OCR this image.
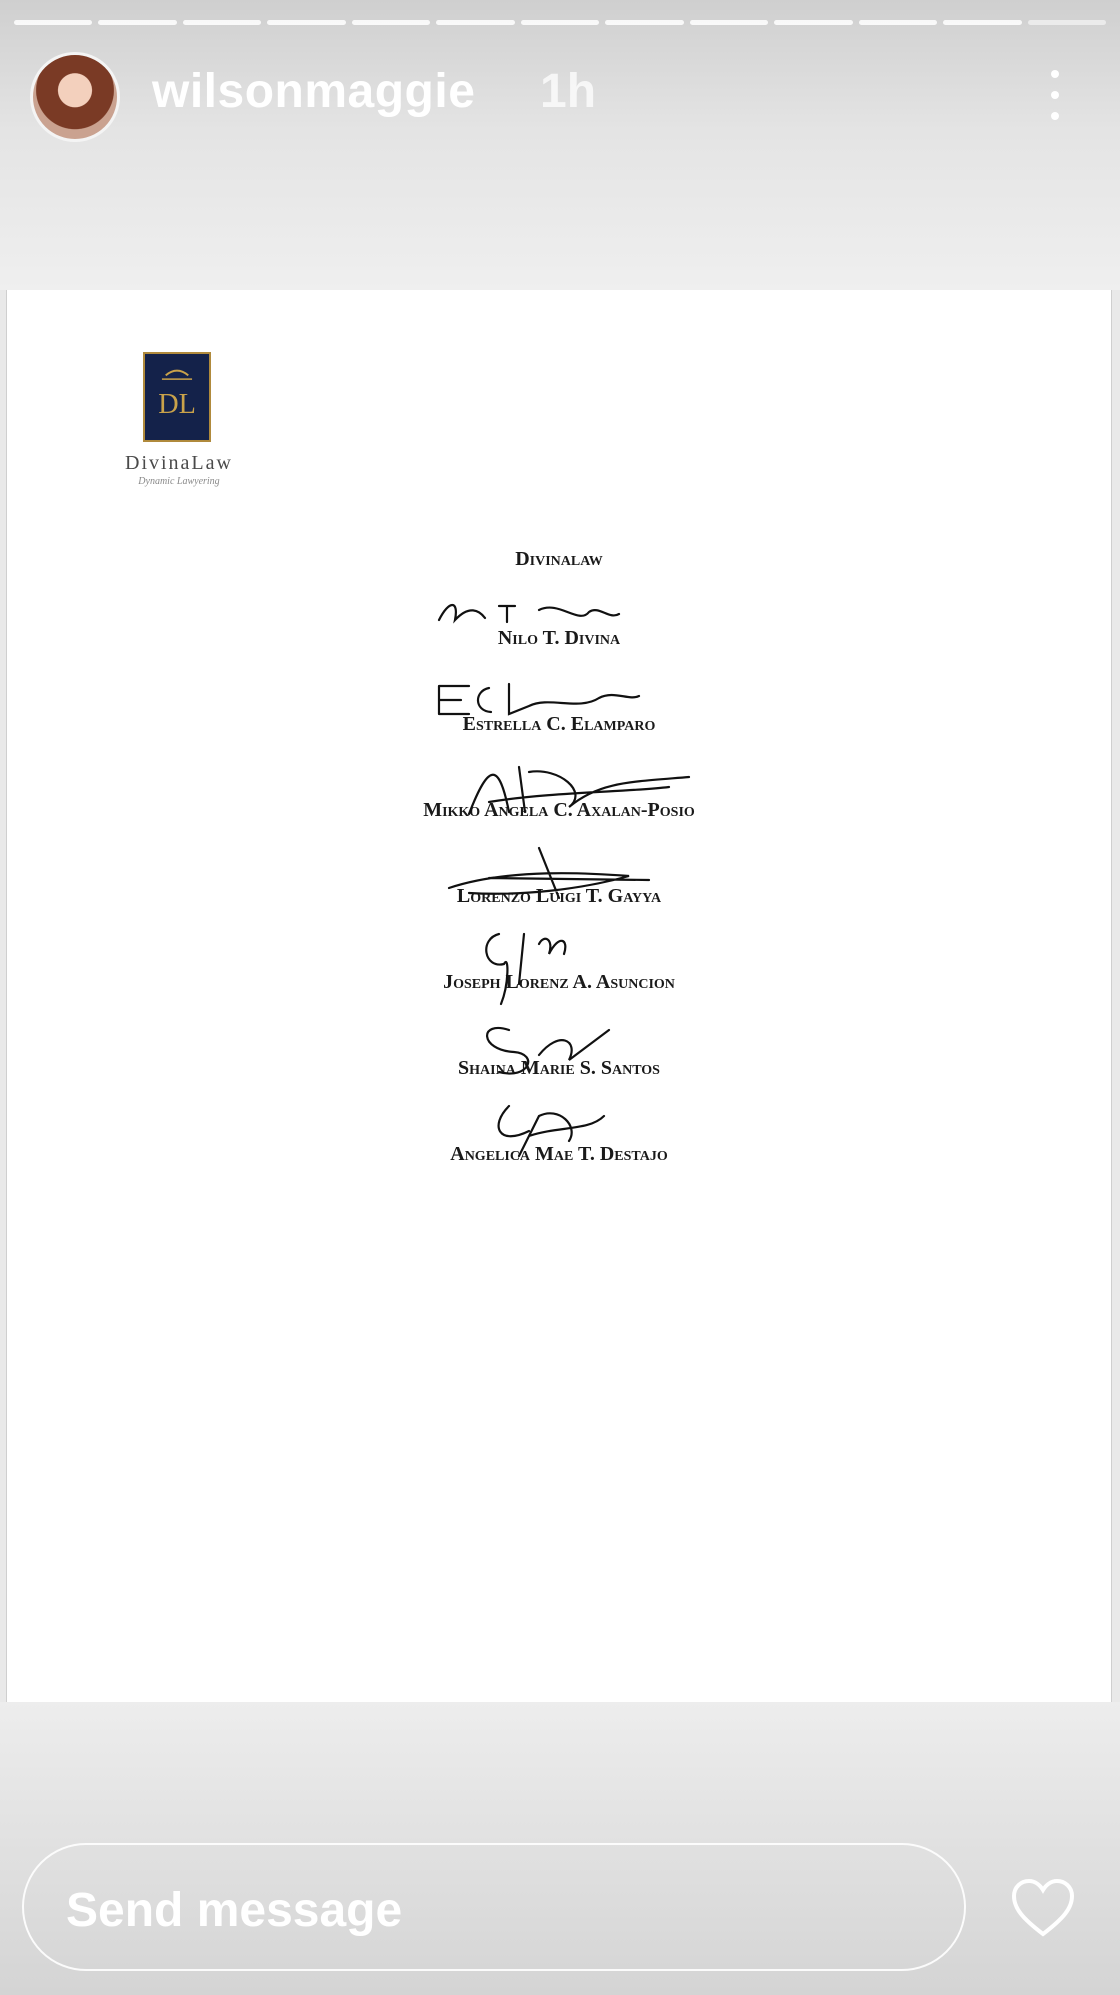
wilsonmaggie 1h
DL
DivinaLaw
Dynamic Lawyering
Divinalaw
Nilo T. Divina
Estrella C. Elamparo
Mikko Angela C. Axalan-Posio
Lorenzo Luigi T. Gayya
Joseph Lorenz A. Asuncion
Shaina Marie S. Santos
Angelica Mae T. Destajo
Send message
